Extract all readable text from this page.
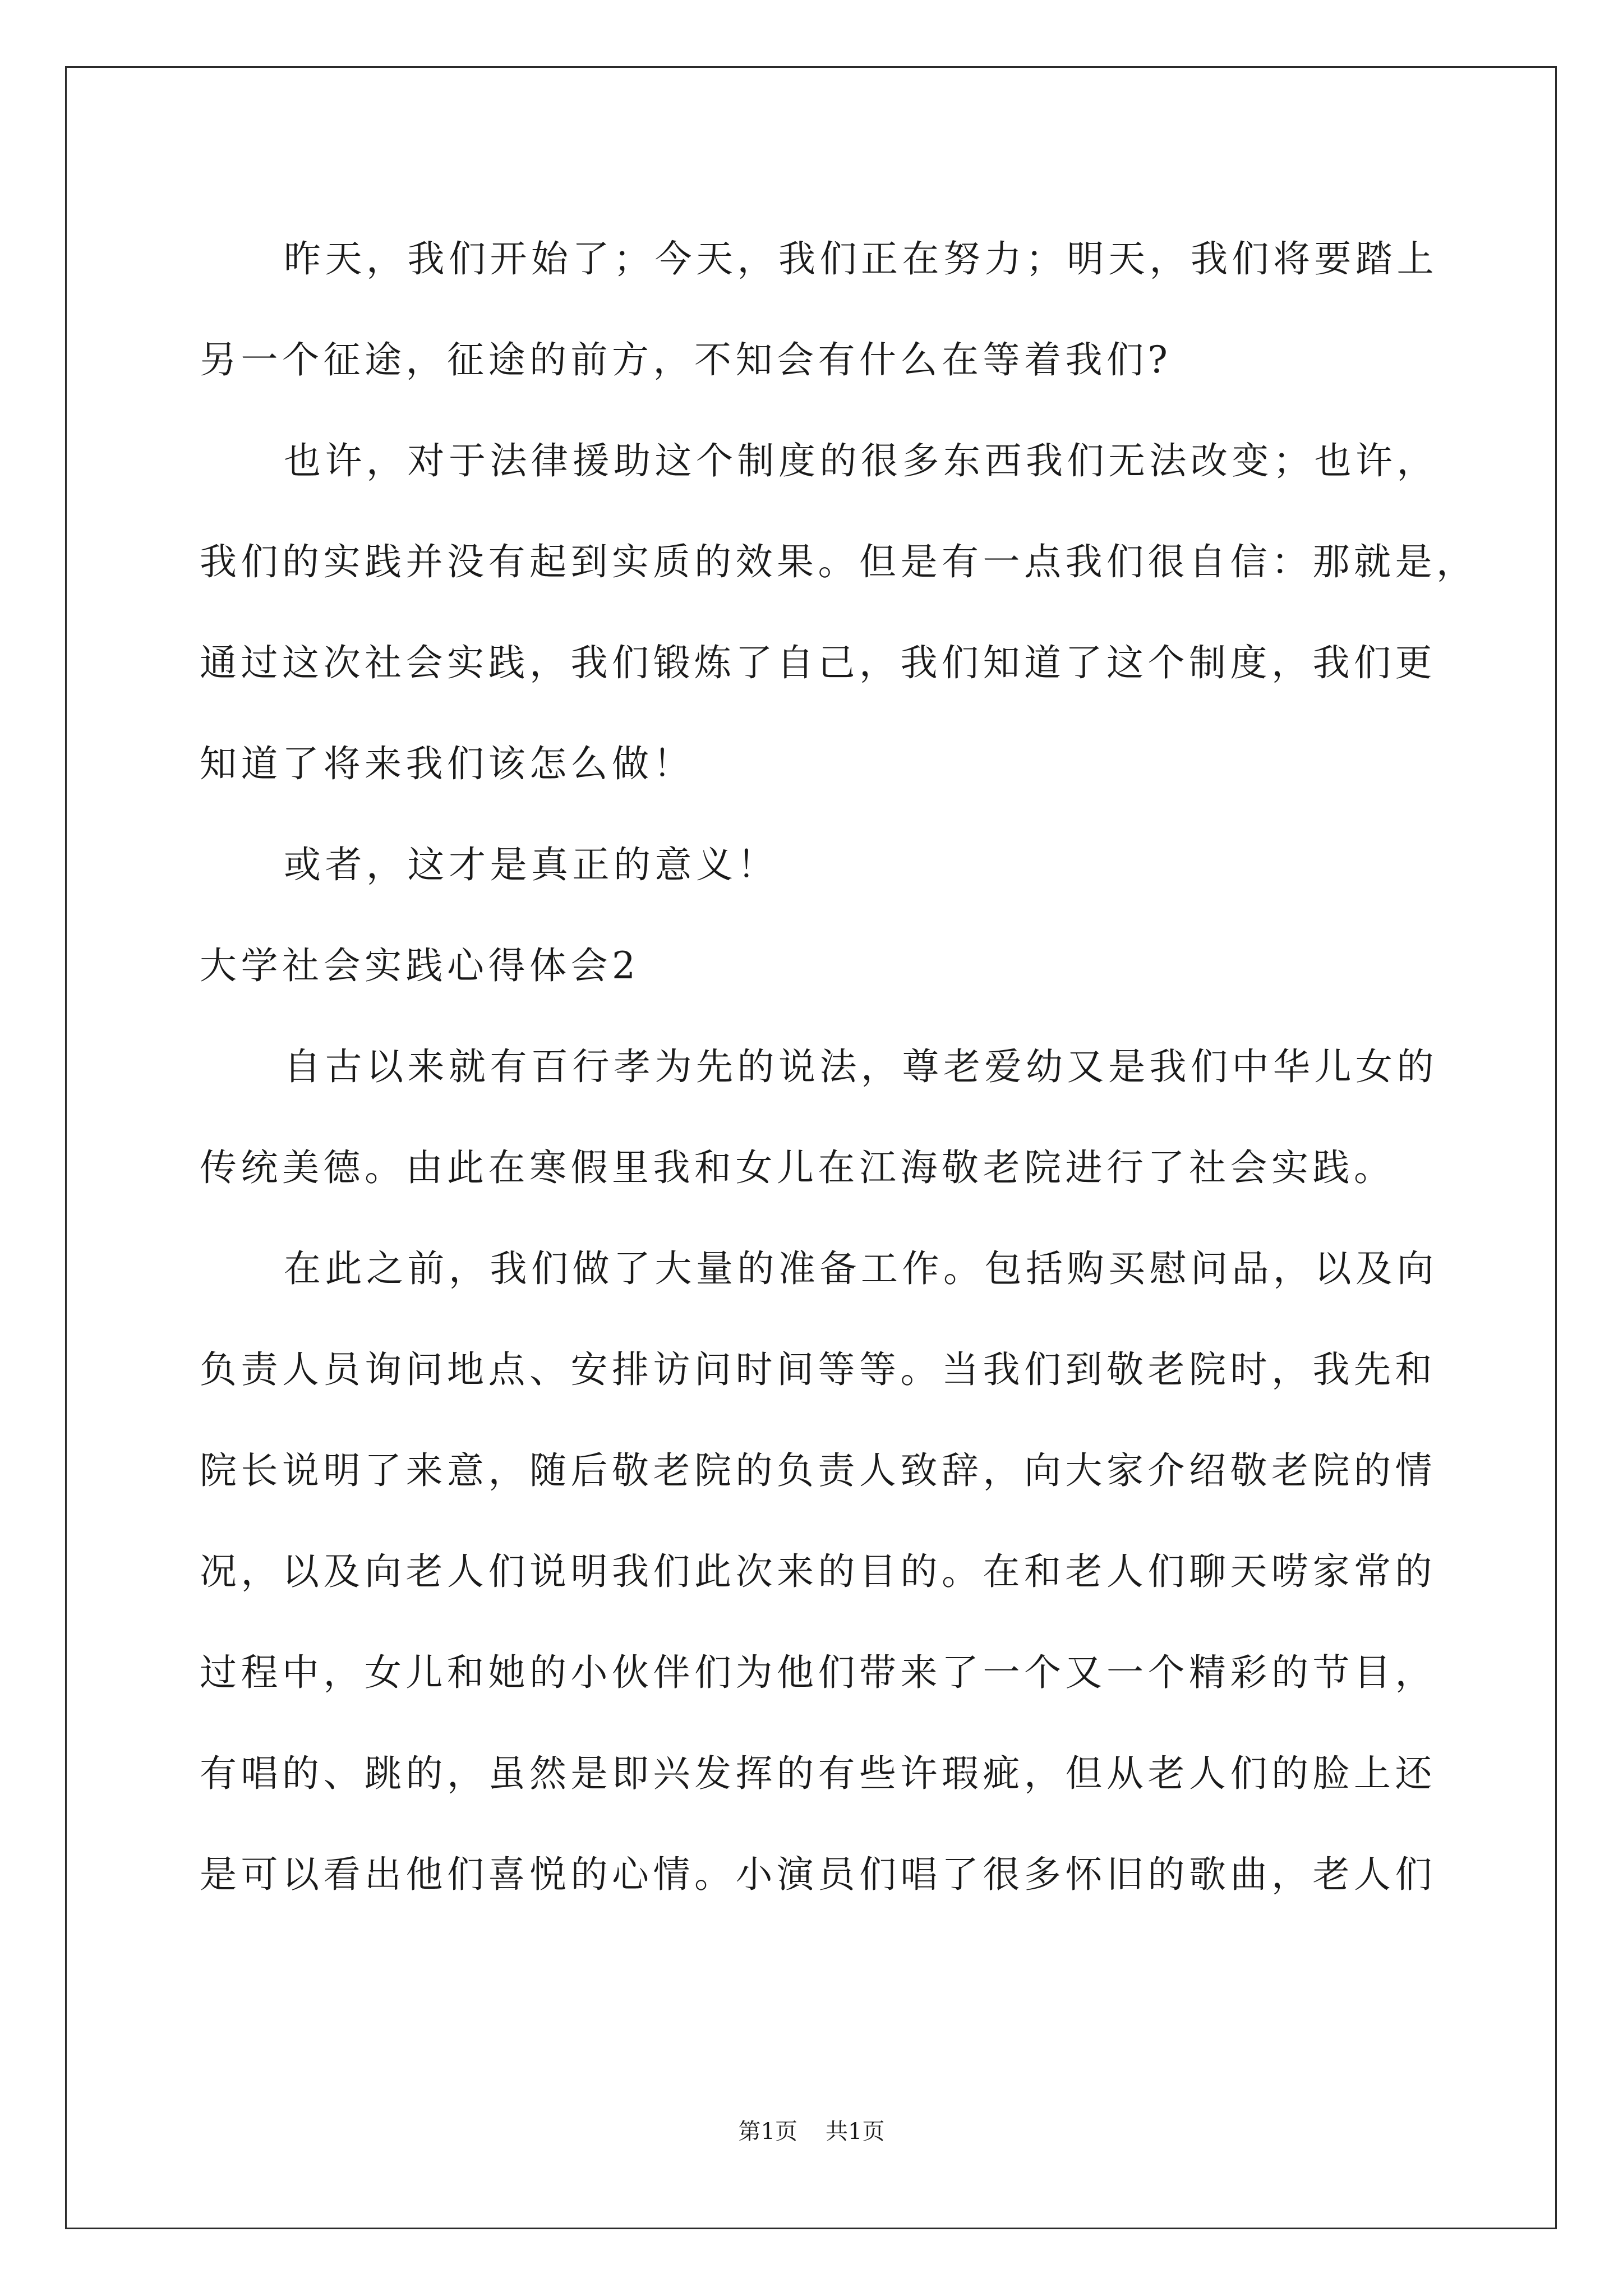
昨天，我们开始了；今天，我们正在努力；明天，我们将要踏上
另一个征途，征途的前方，不知会有什么在等着我们?
也许，对于法律援助这个制度的很多东西我们无法改变；也许，
我们的实践并没有起到实质的效果。但是有一点我们很自信：那就是，
通过这次社会实践，我们锻炼了自己，我们知道了这个制度，我们更
知道了将来我们该怎么做！
或者，这才是真正的意义！
大学社会实践心得体会2
自古以来就有百行孝为先的说法，尊老爱幼又是我们中华儿女的
传统美德。由此在寒假里我和女儿在江海敬老院进行了社会实践。
在此之前，我们做了大量的准备工作。包括购买慰问品，以及向
负责人员询问地点、安排访问时间等等。当我们到敬老院时，我先和
院长说明了来意，随后敬老院的负责人致辞，向大家介绍敬老院的情
况，以及向老人们说明我们此次来的目的。在和老人们聊天唠家常的
过程中，女儿和她的小伙伴们为他们带来了一个又一个精彩的节目，
有唱的、跳的，虽然是即兴发挥的有些许瑕疵，但从老人们的脸上还
是可以看出他们喜悦的心情。小演员们唱了很多怀旧的歌曲，老人们
第1页 共1页
